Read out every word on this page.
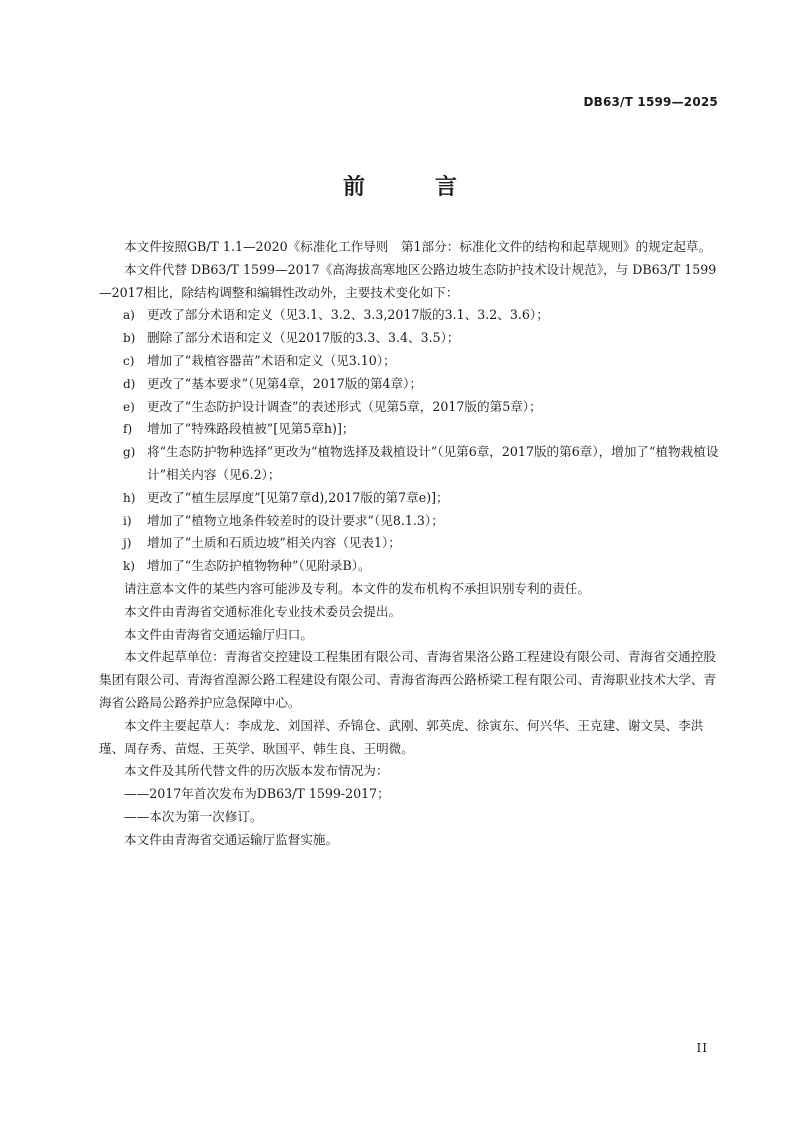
DB63/T 1599—2025
前　言

本文件按照GB/T 1.1—2020《标准化工作导则　第1部分：标准化文件的结构和起草规则》的规定起草。

本文件代替 DB63/T 1599—2017《高海拔高寒地区公路边坡生态防护技术设计规范》，与 DB63/T 1599—2017相比，除结构调整和编辑性改动外，主要技术变化如下：

a) 更改了部分术语和定义（见3.1、3.2、3.3,2017版的3.1、3.2、3.6）；
b) 删除了部分术语和定义（见2017版的3.3、3.4、3.5）；
c) 增加了“栽植容器苗”术语和定义（见3.10）；
d) 更改了“基本要求”（见第4章，2017版的第4章）；
e) 更改了“生态防护设计调查”的表述形式（见第5章，2017版的第5章）；
f)	增加了“特殊路段植被”[见第5章h)]；
g) 将“生态防护物种选择”更改为“植物选择及栽植设计”（见第6章，2017版的第6章），增加了“植物栽植设计”相关内容（见6.2）；
h) 更改了“植生层厚度”[见第7章d),2017版的第7章e)]；
i)	增加了“植物立地条件较差时的设计要求”（见8.1.3）；
j)	增加了“土质和石质边坡”相关内容（见表1）；
k) 增加了“生态防护植物物种”（见附录B）。

请注意本文件的某些内容可能涉及专利。本文件的发布机构不承担识别专利的责任。

本文件由青海省交通标准化专业技术委员会提出。

本文件由青海省交通运输厅归口。

本文件起草单位：青海省交控建设工程集团有限公司、青海省果洛公路工程建设有限公司、青海省交通控股集团有限公司、青海省湟源公路工程建设有限公司、青海省海西公路桥梁工程有限公司、青海职业技术大学、青海省公路局公路养护应急保障中心。

本文件主要起草人：李成龙、刘国祥、乔锦仓、武刚、郭英虎、徐寅东、何兴华、王克建、谢文昊、李洪瑾、周存秀、苗煜、王英学、耿国平、韩生良、王明微。

本文件及其所代替文件的历次版本发布情况为：

——2017年首次发布为DB63/T 1599-2017；

——本次为第一次修订。

本文件由青海省交通运输厅监督实施。

II
